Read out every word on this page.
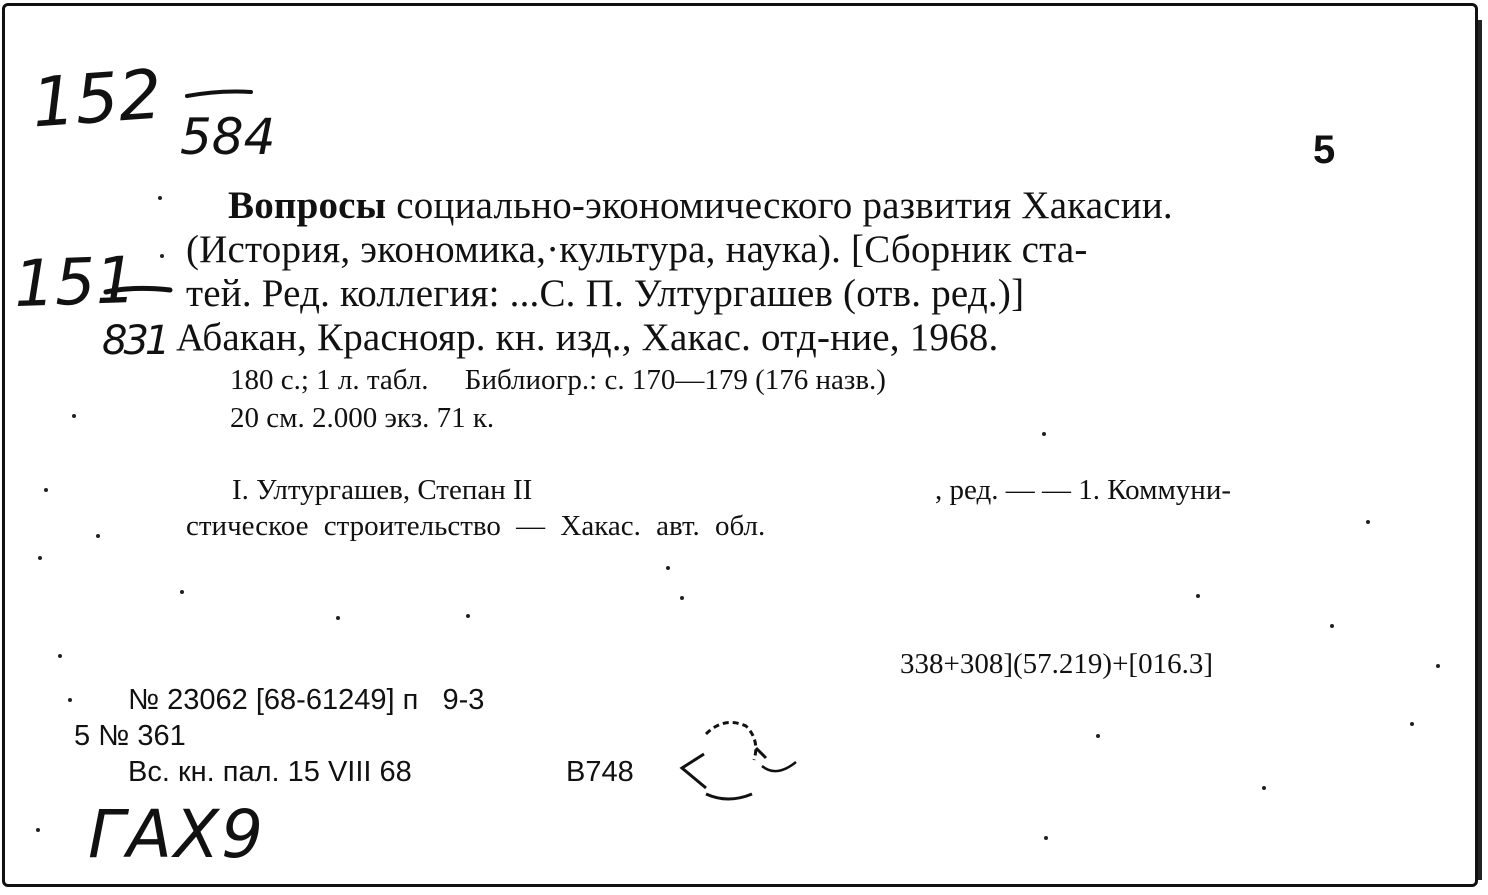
152 584
151
831
ГАХ9
5
Вопросы социально-экономического развития Хакасии.
(История, экономика,·культура, наука). [Сборник ста-
тей. Ред. коллегия: ...С. П. Ултургашев (отв. ред.)]
Абакан, Краснояр. кн. изд., Хакас. отд-ние, 1968.
180 с.; 1 л. табл.     Библиогр.: с. 170—179 (176 назв.)
20 см. 2.000 экз. 71 к.
I. Ултургашев, Степан II	, ред. — — 1. Коммуни-
стическое строительство — Хакас. авт. обл.
338+308](57.219)+[016.3]
№ 23062 [68-61249] п   9-3
5 № 361
Вс. кн. пал. 15 VIII 68	В748
